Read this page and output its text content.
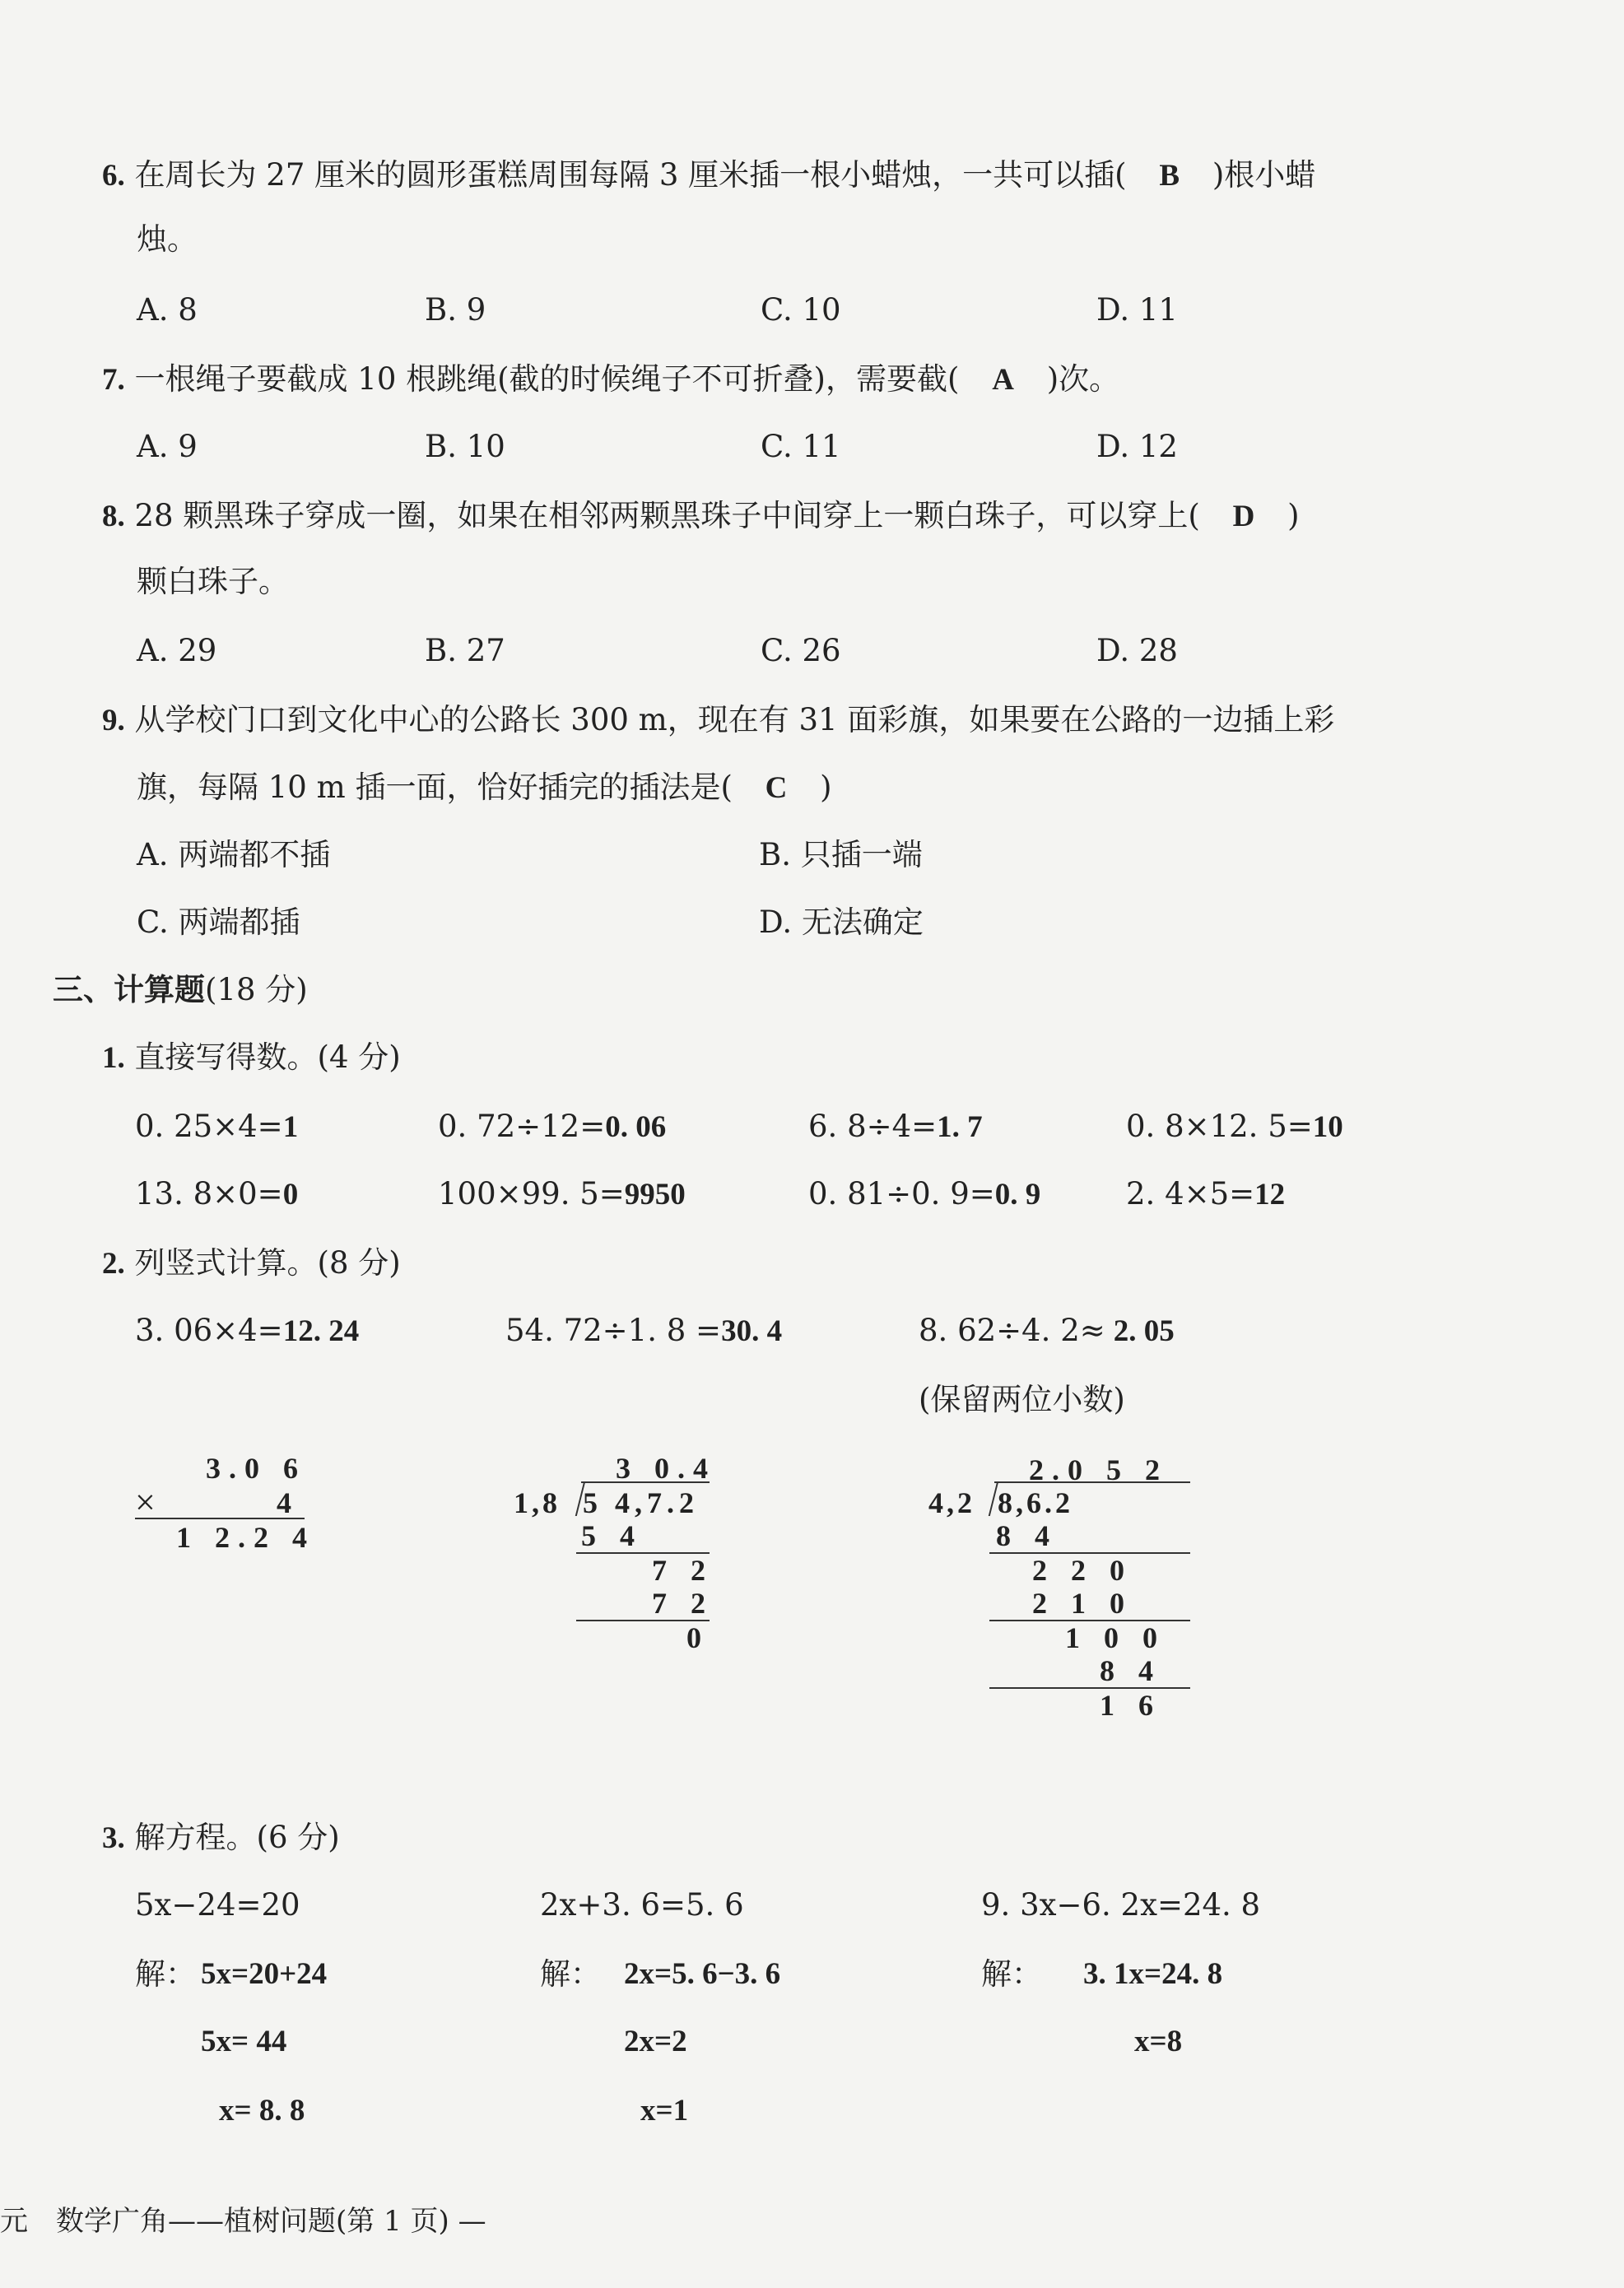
6. 在周长为 27 厘米的圆形蛋糕周围每隔 3 厘米插一根小蜡烛，一共可以插( B )根小蜡
烛。
A. 8	B. 9	C. 10	D. 11
7. 一根绳子要截成 10 根跳绳(截的时候绳子不可折叠)，需要截( A )次。
A. 9	B. 10	C. 11	D. 12
8. 28 颗黑珠子穿成一圈，如果在相邻两颗黑珠子中间穿上一颗白珠子，可以穿上( D )
颗白珠子。
A. 29	B. 27	C. 26	D. 28
9. 从学校门口到文化中心的公路长 300 m，现在有 31 面彩旗，如果要在公路的一边插上彩
旗，每隔 10 m 插一面，恰好插完的插法是( C )
A. 两端都不插	B. 只插一端
C. 两端都插	D. 无法确定
三、计算题(18 分)
1. 直接写得数。(4 分)
0. 25×4=1	0. 72÷12=0. 06	6. 8÷4=1. 7	0. 8×12. 5=10
13. 8×0=0	100×99. 5=9950	0. 81÷0. 9=0. 9	2. 4×5=12
2. 列竖式计算。(8 分)
3. 06×4=12. 24	54. 72÷1. 8 =30. 4	8. 62÷4. 2≈ 2. 05
(保留两位小数)
3.0 6
×	4
1 2.2 4
3 0.4
1,8 5 4,7.2
5 4
7 2
7 2
0
2.0 5 2
4,2 8,6.2
8 4
2 2 0
2 1 0
1 0 0
8 4
1 6
3. 解方程。(6 分)
5x−24=20
解： 5x=20+24
5x= 44
x= 8. 8
2x+3. 6=5. 6
解： 2x=5. 6−3. 6
2x=2
x=1
9. 3x−6. 2x=24. 8
解： 3. 1x=24. 8
x=8
元　数学广角——植树问题(第 1 页) —
